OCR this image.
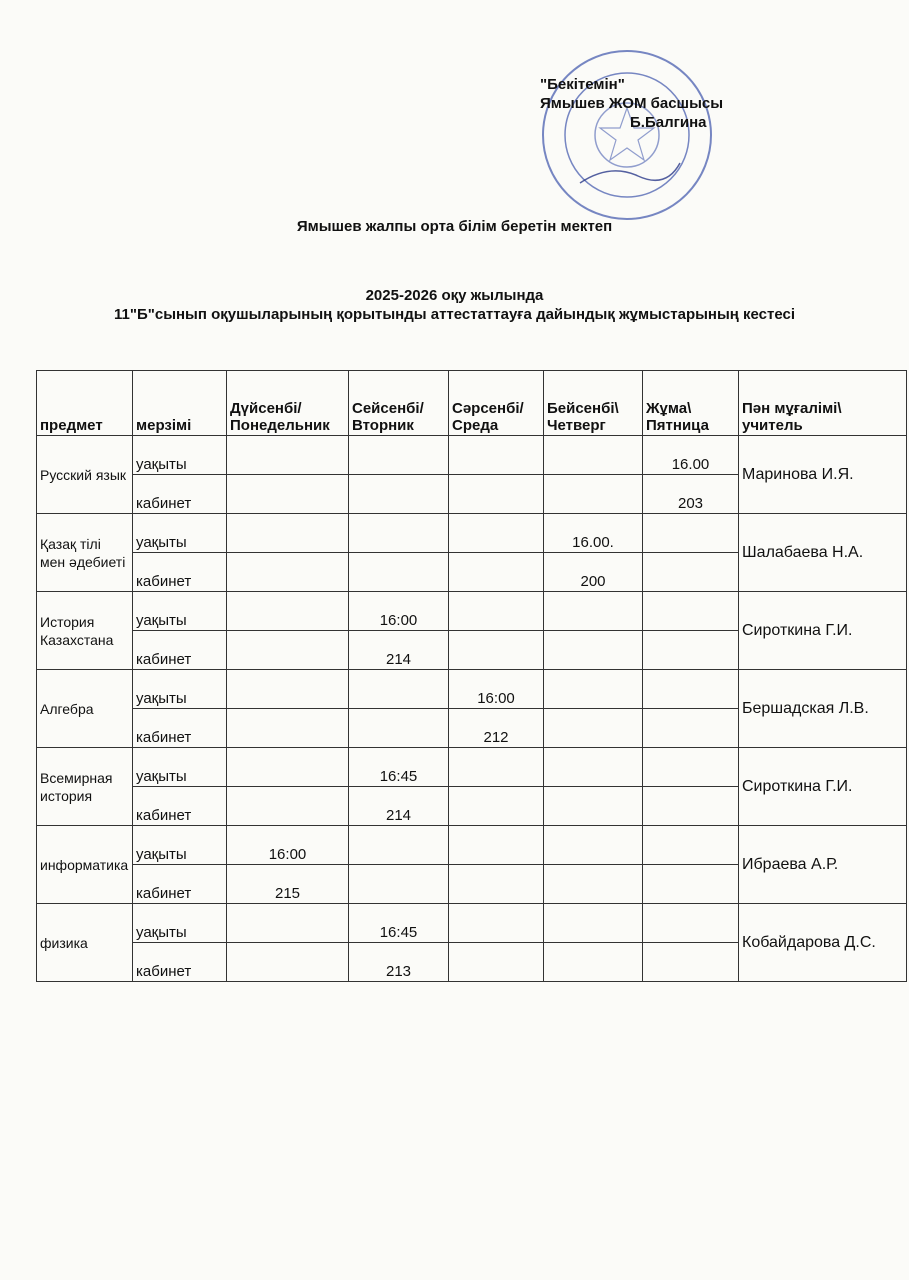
"Бекітемін"
Ямышев ЖОМ басшысы
Б.Балгина
Ямышев жалпы орта білім беретін мектеп
2025-2026 оқу жылында
11"Б"сынып оқушыларының қорытынды аттестаттауға дайындық жұмыстарының кестесі
предмет	мерзімі	Дүйсенбі/ Понедельник	Сейсенбі/ Вторник	Сәрсенбі/ Среда	Бейсенбі\ Четверг	Жұма\ Пятница	Пән мұғалімі\ учитель
Русский язык	уақыты					16.00	Маринова И.Я.
	кабинет					203	
Қазақ тілі мен әдебиеті	уақыты				16.00.		Шалабаева Н.А.
	кабинет				200		
История Казахстана	уақыты		16:00				Сироткина Г.И.
	кабинет		214				
Алгебра	уақыты			16:00			Бершадская Л.В.
	кабинет			212			
Всемирная история	уақыты		16:45				Сироткина Г.И.
	кабинет		214				
информатика	уақыты	16:00					Ибраева А.Р.
	кабинет	215					
физика	уақыты		16:45				Кобайдарова Д.С.
	кабинет		213				
